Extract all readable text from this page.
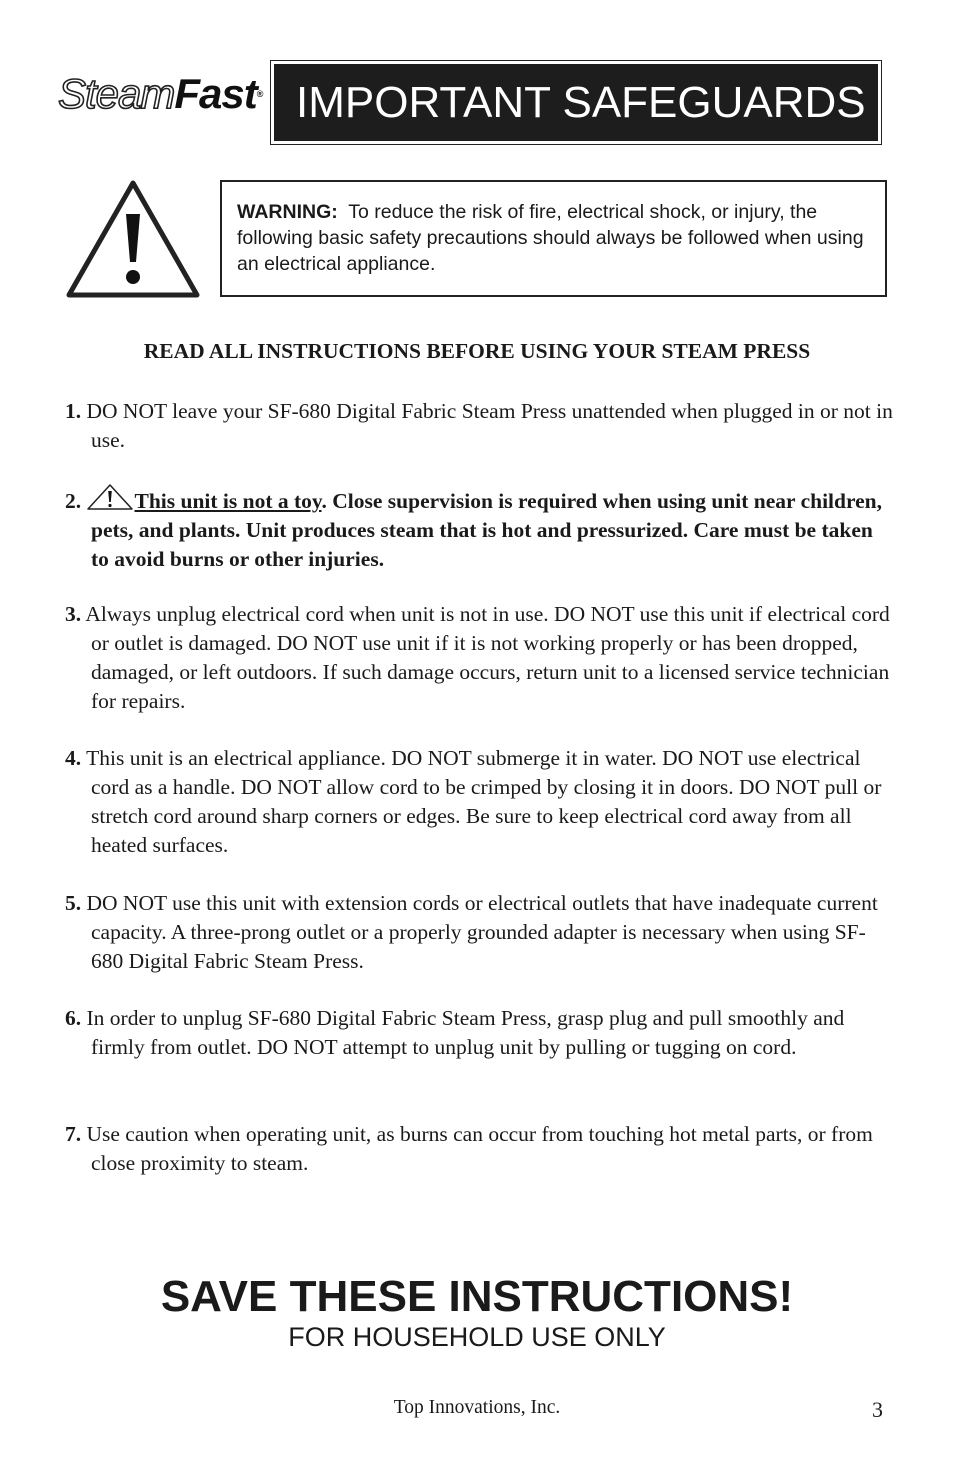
SteamFast® IMPORTANT SAFEGUARDS
WARNING: To reduce the risk of fire, electrical shock, or injury, the following basic safety precautions should always be followed when using an electrical appliance.
READ ALL INSTRUCTIONS BEFORE USING YOUR STEAM PRESS
1. DO NOT leave your SF-680 Digital Fabric Steam Press unattended when plugged in or not in use.
2. This unit is not a toy. Close supervision is required when using unit near children, pets, and plants. Unit produces steam that is hot and pressurized. Care must be taken to avoid burns or other injuries.
3. Always unplug electrical cord when unit is not in use. DO NOT use this unit if electrical cord or outlet is damaged. DO NOT use unit if it is not working properly or has been dropped, damaged, or left outdoors. If such damage occurs, return unit to a licensed service technician for repairs.
4. This unit is an electrical appliance. DO NOT submerge it in water. DO NOT use electrical cord as a handle. DO NOT allow cord to be crimped by closing it in doors. DO NOT pull or stretch cord around sharp corners or edges. Be sure to keep electrical cord away from all heated surfaces.
5. DO NOT use this unit with extension cords or electrical outlets that have inadequate current capacity. A three-prong outlet or a properly grounded adapter is necessary when using SF-680 Digital Fabric Steam Press.
6. In order to unplug SF-680 Digital Fabric Steam Press, grasp plug and pull smoothly and firmly from outlet. DO NOT attempt to unplug unit by pulling or tugging on cord.
7. Use caution when operating unit, as burns can occur from touching hot metal parts, or from close proximity to steam.
SAVE THESE INSTRUCTIONS!
FOR HOUSEHOLD USE ONLY
Top Innovations, Inc.	3
